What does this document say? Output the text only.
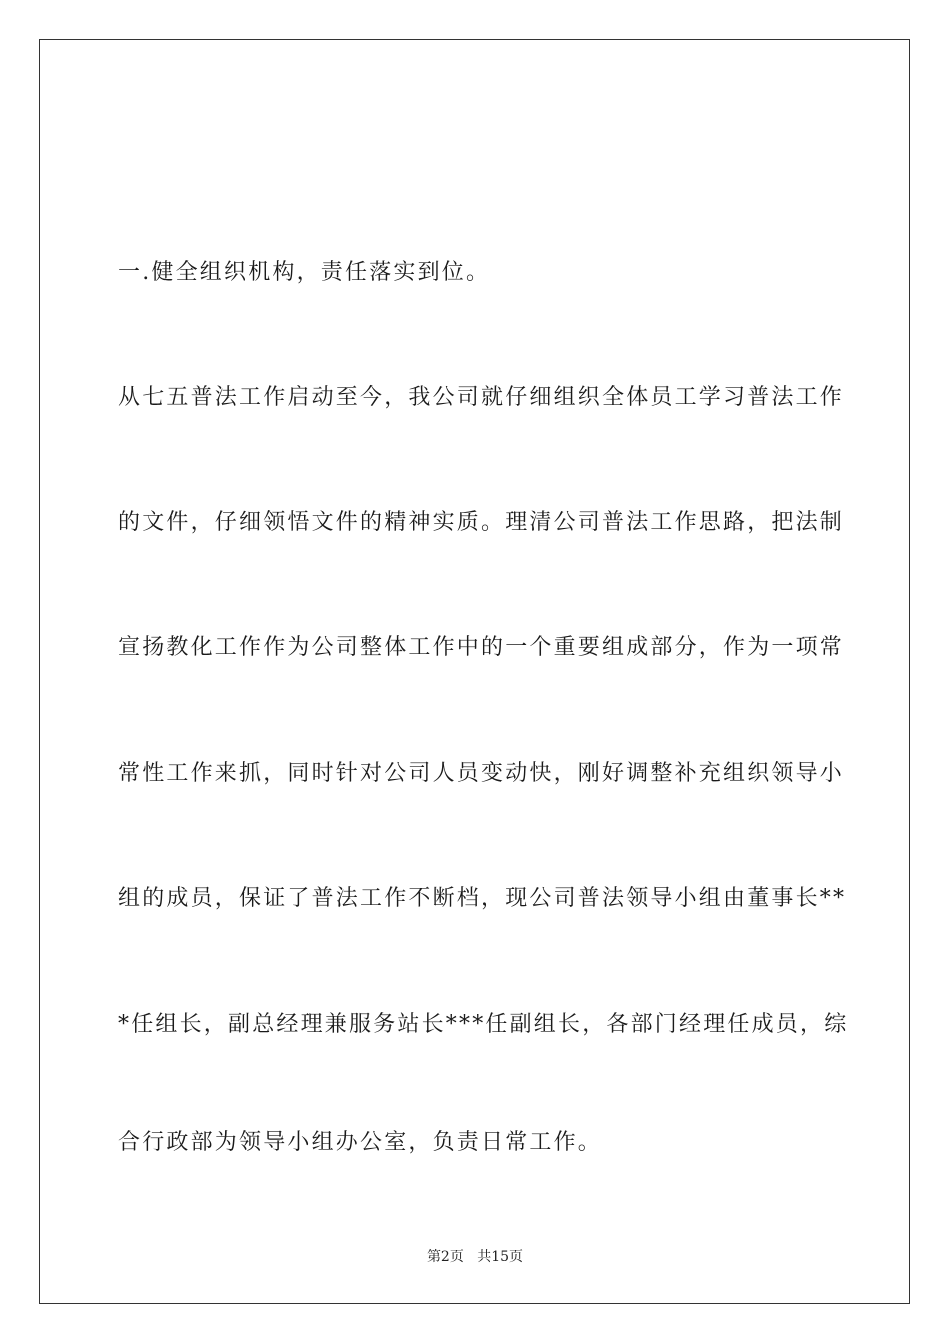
一.健全组织机构，责任落实到位。
从七五普法工作启动至今，我公司就仔细组织全体员工学习普法工作
的文件，仔细领悟文件的精神实质。理清公司普法工作思路，把法制
宣扬教化工作作为公司整体工作中的一个重要组成部分，作为一项常
常性工作来抓，同时针对公司人员变动快，刚好调整补充组织领导小
组的成员，保证了普法工作不断档，现公司普法领导小组由董事长**
*任组长，副总经理兼服务站长***任副组长，各部门经理任成员，综
合行政部为领导小组办公室，负责日常工作。
第2页 共15页
